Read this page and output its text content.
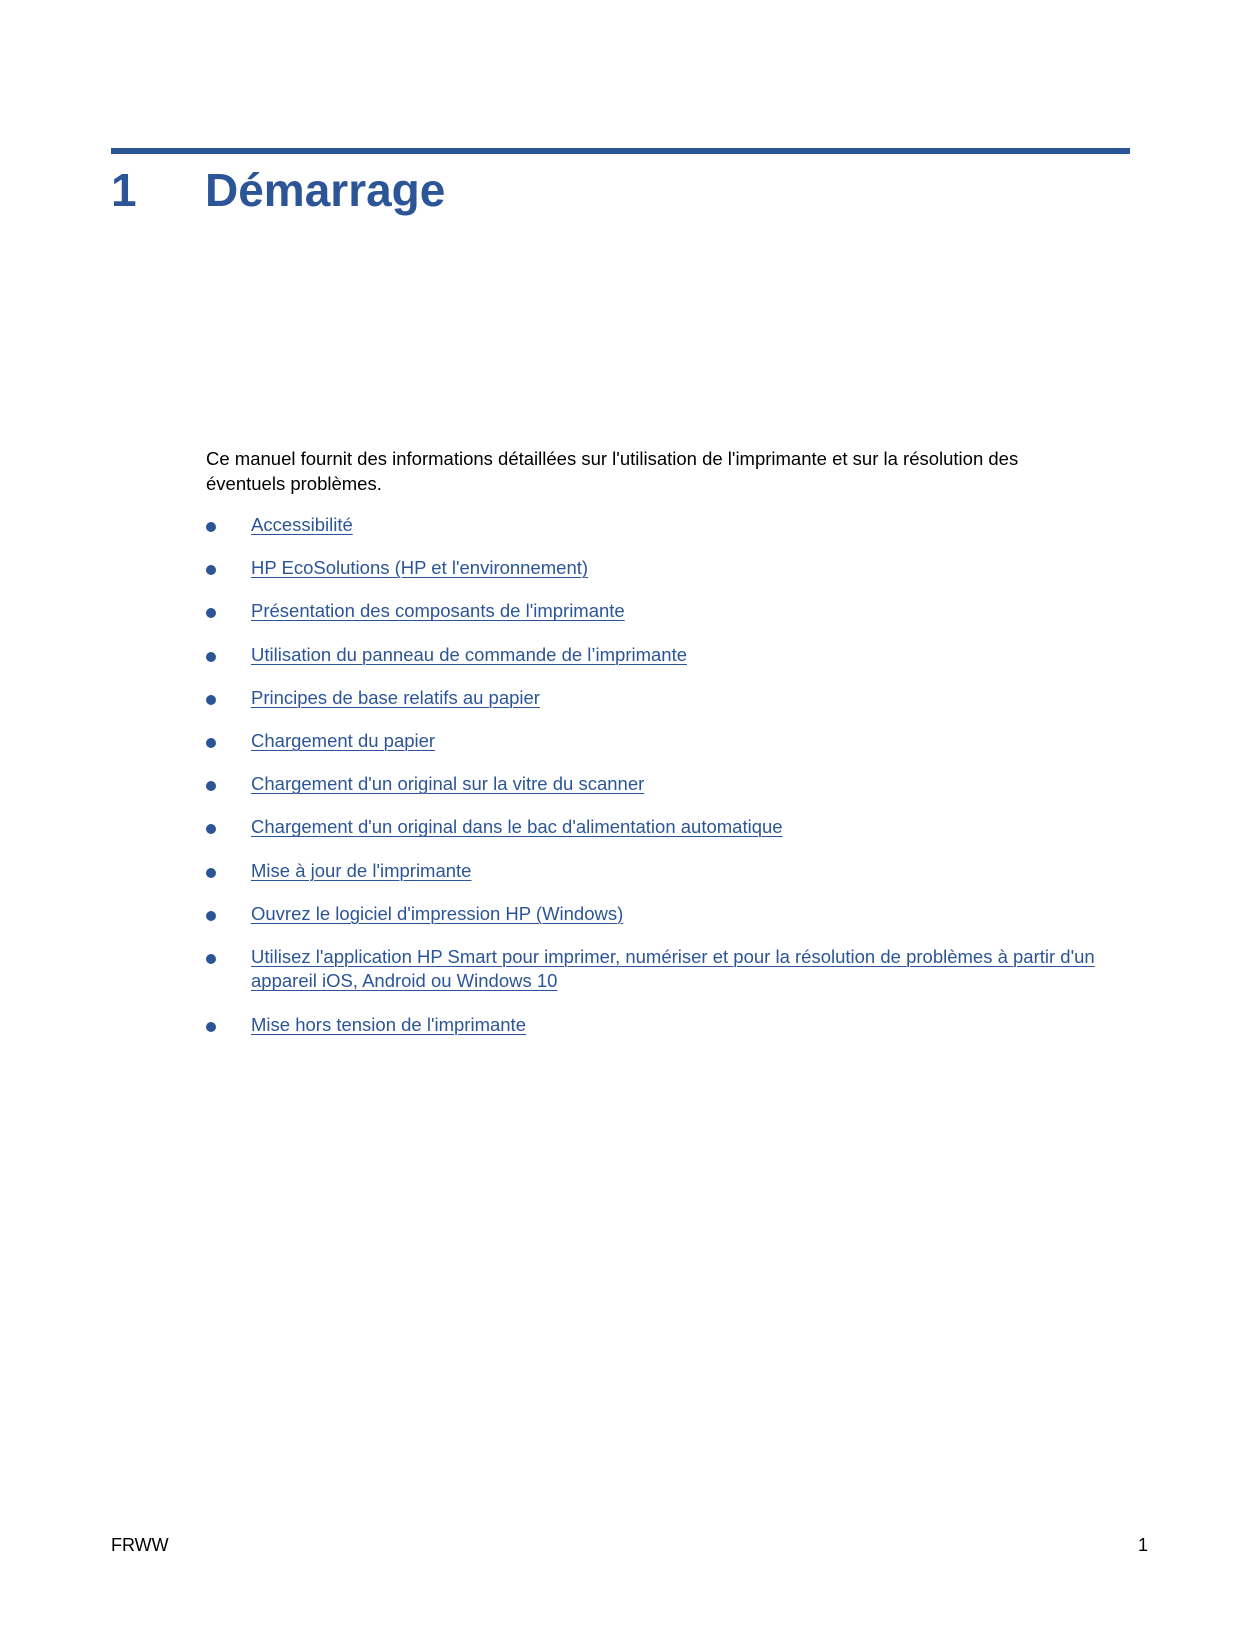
1	Démarrage

Ce manuel fournit des informations détaillées sur l'utilisation de l'imprimante et sur la résolution des éventuels problèmes.

Accessibilité
HP EcoSolutions (HP et l'environnement)
Présentation des composants de l'imprimante
Utilisation du panneau de commande de l’imprimante
Principes de base relatifs au papier
Chargement du papier
Chargement d'un original sur la vitre du scanner
Chargement d'un original dans le bac d'alimentation automatique
Mise à jour de l'imprimante
Ouvrez le logiciel d'impression HP (Windows)
Utilisez l'application HP Smart pour imprimer, numériser et pour la résolution de problèmes à partir d'un appareil iOS, Android ou Windows 10
Mise hors tension de l'imprimante
FRWW	1
